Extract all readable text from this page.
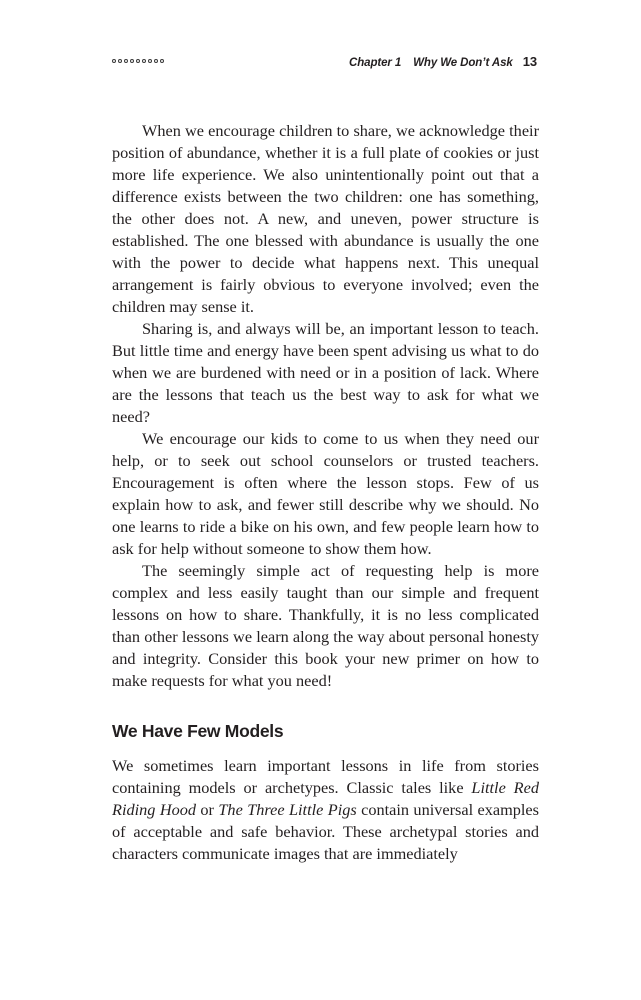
Chapter 1 Why We Don’t Ask 13

When we encourage children to share, we acknowledge their position of abundance, whether it is a full plate of cookies or just more life experience. We also unintentionally point out that a difference exists between the two children: one has something, the other does not. A new, and uneven, power structure is established. The one blessed with abundance is usually the one with the power to decide what happens next. This unequal arrangement is fairly obvious to everyone involved; even the children may sense it.

Sharing is, and always will be, an important lesson to teach. But little time and energy have been spent advising us what to do when we are burdened with need or in a position of lack. Where are the lessons that teach us the best way to ask for what we need?

We encourage our kids to come to us when they need our help, or to seek out school counselors or trusted teachers. Encouragement is often where the lesson stops. Few of us explain how to ask, and fewer still describe why we should. No one learns to ride a bike on his own, and few people learn how to ask for help without someone to show them how.

The seemingly simple act of requesting help is more complex and less easily taught than our simple and frequent lessons on how to share. Thankfully, it is no less complicated than other lessons we learn along the way about personal honesty and integrity. Consider this book your new primer on how to make requests for what you need!

We Have Few Models

We sometimes learn important lessons in life from stories containing models or archetypes. Classic tales like Little Red Riding Hood or The Three Little Pigs contain universal examples of acceptable and safe behavior. These archetypal stories and characters communicate images that are immediately
